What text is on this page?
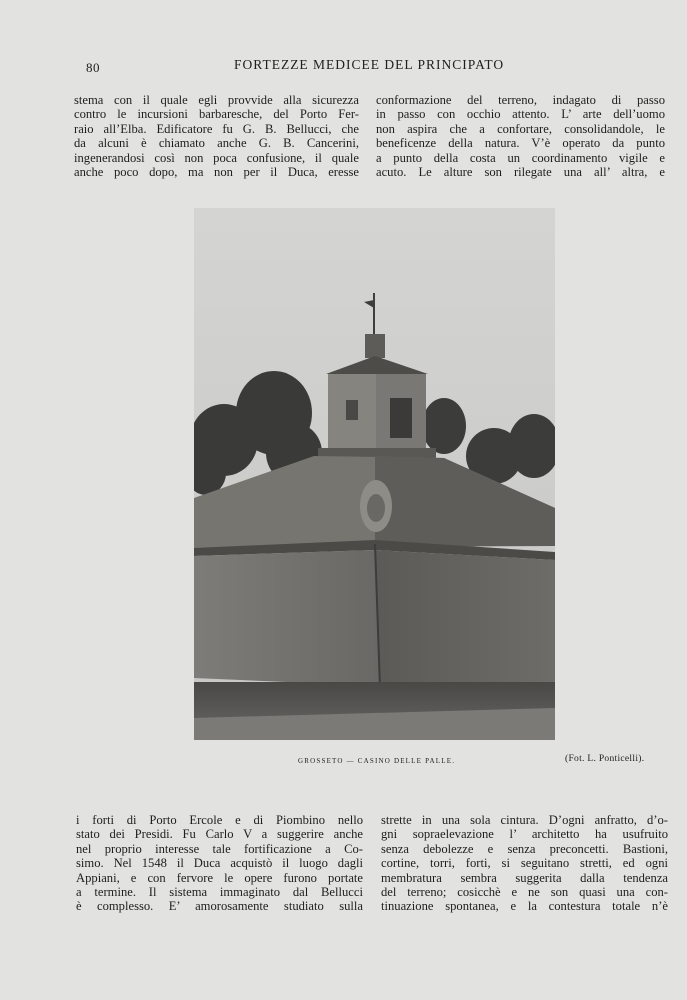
80	FORTEZZE MEDICEE DEL PRINCIPATO
stema con il quale egli provvide alla sicurezza
contro le incursioni barbaresche, del Porto Fer-
raio all’Elba. Edificatore fu G. B. Bellucci, che
da alcuni è chiamato anche G. B. Cancerini,
ingenerandosi così non poca confusione, il quale
anche poco dopo, ma non per il Duca, eresse
conformazione del terreno, indagato di passo
in passo con occhio attento. L’ arte dell’uomo
non aspira che a confortare, consolidandole, le
beneficenze della natura. V’è operato da punto
a punto della costa un coordinamento vigile e
acuto. Le alture son rilegate una all’ altra, e
GROSSETO — CASINO DELLE PALLE.	(Fot. L. Ponticelli).
i forti di Porto Ercole e di Piombino nello
stato dei Presidi. Fu Carlo V a suggerire anche
nel proprio interesse tale fortificazione a Co-
simo. Nel 1548 il Duca acquistò il luogo dagli
Appiani, e con fervore le opere furono portate
a termine. Il sistema immaginato dal Bellucci
è complesso. E’ amorosamente studiato sulla
strette in una sola cintura. D’ogni anfratto, d’o-
gni sopraelevazione l’ architetto ha usufruito
senza debolezze e senza preconcetti. Bastioni,
cortine, torri, forti, si seguitano stretti, ed ogni
membratura sembra suggerita dalla tendenza
del terreno; cosicchè e ne son quasi una con-
tinuazione spontanea, e la contestura totale n’è
